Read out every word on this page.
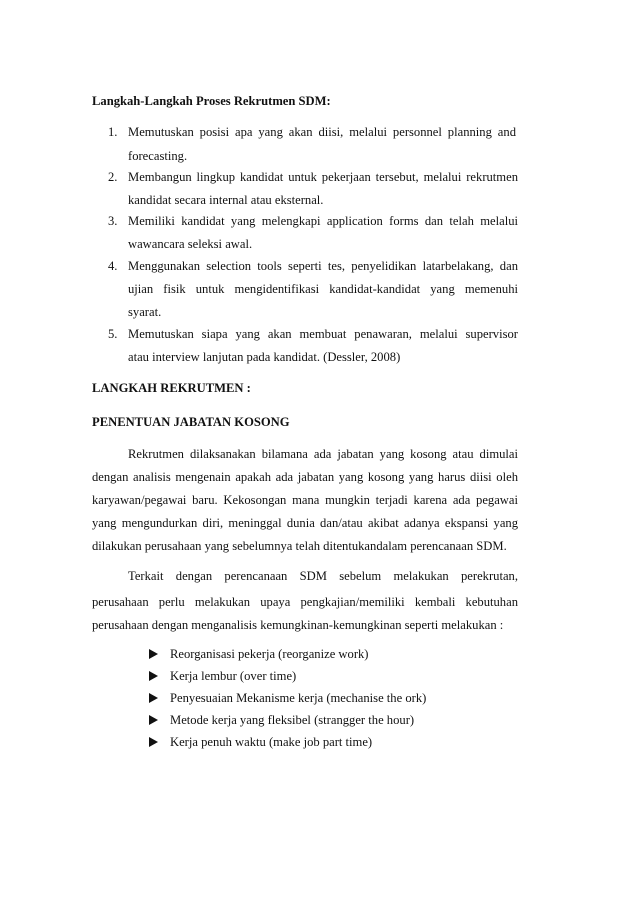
Langkah-Langkah Proses Rekrutmen SDM:
1. Memutuskan posisi apa yang akan diisi, melalui personnel planning and
forecasting.
2. Membangun lingkup kandidat untuk pekerjaan tersebut, melalui rekrutmen
kandidat secara internal atau eksternal.
3. Memiliki kandidat yang melengkapi application forms dan telah melalui
wawancara seleksi awal.
4. Menggunakan selection tools seperti tes, penyelidikan latarbelakang, dan
ujian fisik untuk mengidentifikasi kandidat-kandidat yang memenuhi
syarat.
5. Memutuskan siapa yang akan membuat penawaran, melalui supervisor
atau interview lanjutan pada kandidat. (Dessler, 2008)
LANGKAH REKRUTMEN :
PENENTUAN JABATAN KOSONG
Rekrutmen dilaksanakan bilamana ada jabatan yang kosong atau dimulai
dengan analisis mengenain apakah ada jabatan yang kosong yang harus diisi oleh
karyawan/pegawai baru. Kekosongan mana mungkin terjadi karena ada pegawai
yang mengundurkan diri, meninggal dunia dan/atau akibat adanya ekspansi yang
dilakukan perusahaan yang sebelumnya telah ditentukandalam perencanaan SDM.
Terkait dengan perencanaan SDM sebelum melakukan perekrutan,
perusahaan perlu melakukan upaya pengkajian/memiliki kembali kebutuhan
perusahaan dengan menganalisis kemungkinan-kemungkinan seperti melakukan :
Reorganisasi pekerja (reorganize work)
Kerja lembur (over time)
Penyesuaian Mekanisme kerja (mechanise the ork)
Metode kerja yang fleksibel (strangger the hour)
Kerja penuh waktu (make job part time)
